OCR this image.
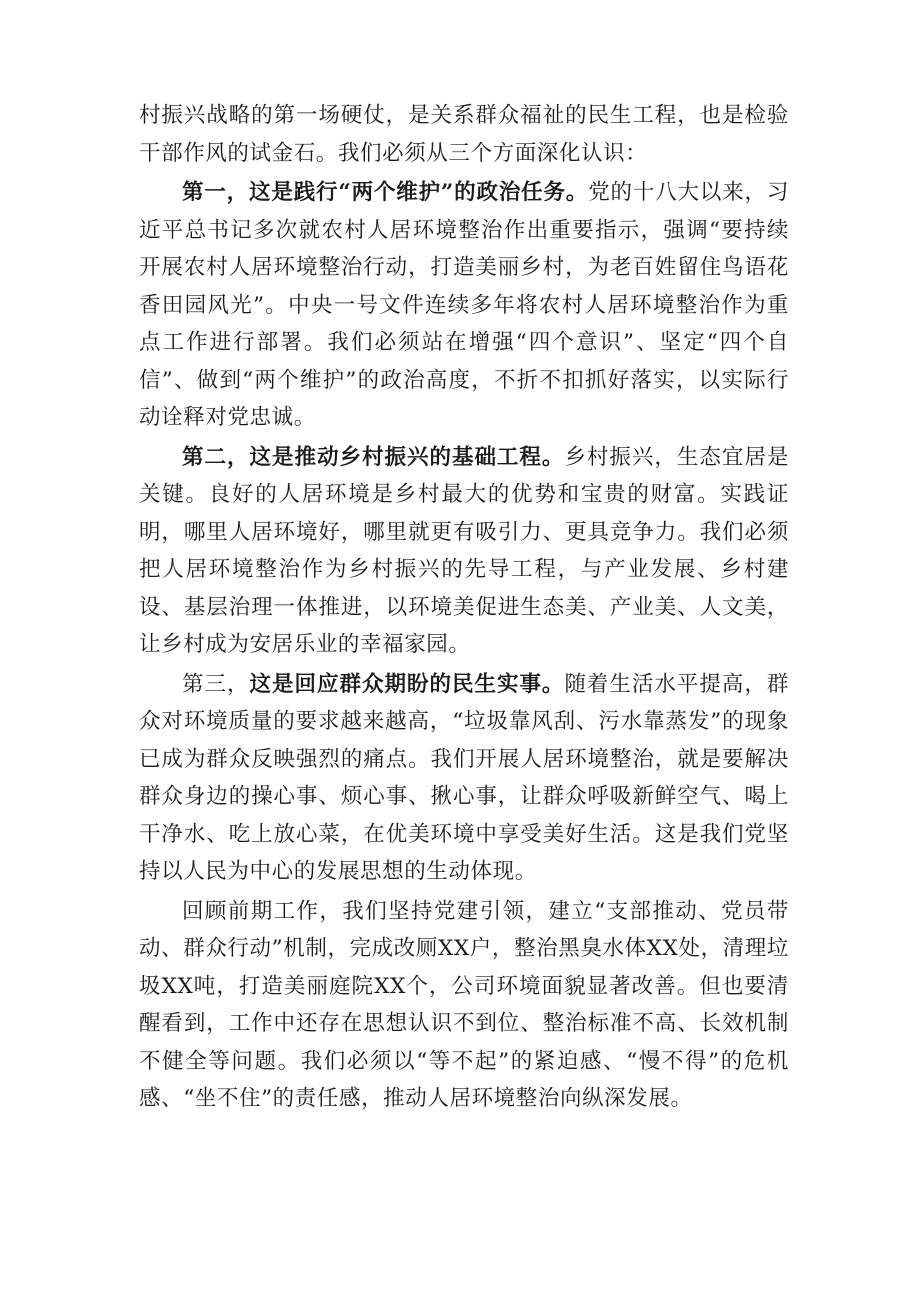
村振兴战略的第一场硬仗，是关系群众福祉的民生工程，也是检验干部作风的试金石。我们必须从三个方面深化认识：

第一，这是践行“两个维护”的政治任务。党的十八大以来，习近平总书记多次就农村人居环境整治作出重要指示，强调“要持续开展农村人居环境整治行动，打造美丽乡村，为老百姓留住鸟语花香田园风光”。中央一号文件连续多年将农村人居环境整治作为重点工作进行部署。我们必须站在增强“四个意识”、坚定“四个自信”、做到“两个维护”的政治高度，不折不扣抓好落实，以实际行动诠释对党忠诚。

第二，这是推动乡村振兴的基础工程。乡村振兴，生态宜居是关键。良好的人居环境是乡村最大的优势和宝贵的财富。实践证明，哪里人居环境好，哪里就更有吸引力、更具竞争力。我们必须把人居环境整治作为乡村振兴的先导工程，与产业发展、乡村建设、基层治理一体推进，以环境美促进生态美、产业美、人文美，让乡村成为安居乐业的幸福家园。

第三，这是回应群众期盼的民生实事。随着生活水平提高，群众对环境质量的要求越来越高，“垃圾靠风刮、污水靠蒸发”的现象已成为群众反映强烈的痛点。我们开展人居环境整治，就是要解决群众身边的操心事、烦心事、揪心事，让群众呼吸新鲜空气、喝上干净水、吃上放心菜，在优美环境中享受美好生活。这是我们党坚持以人民为中心的发展思想的生动体现。

回顾前期工作，我们坚持党建引领，建立“支部推动、党员带动、群众行动”机制，完成改厕XX户，整治黑臭水体XX处，清理垃圾XX吨，打造美丽庭院XX个，公司环境面貌显著改善。但也要清醒看到，工作中还存在思想认识不到位、整治标准不高、长效机制不健全等问题。我们必须以“等不起”的紧迫感、“慢不得”的危机感、“坐不住”的责任感，推动人居环境整治向纵深发展。
